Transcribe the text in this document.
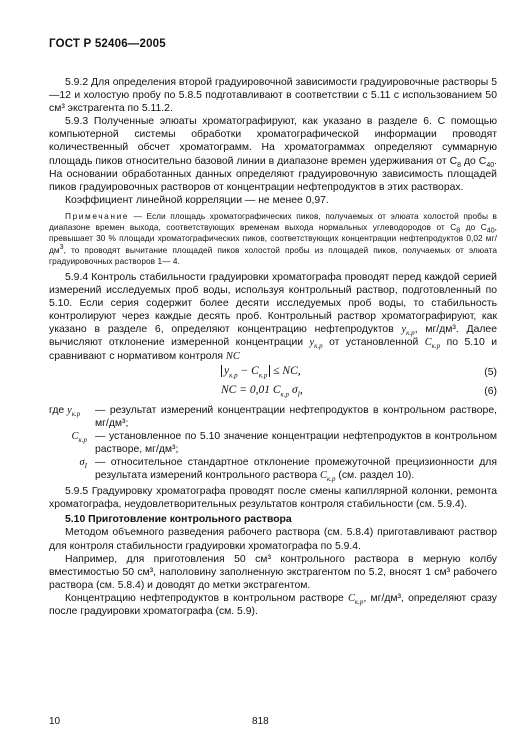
ГОСТ Р 52406—2005

5.9.2 Для определения второй градуировочной зависимости градуировочные растворы 5—12 и холостую пробу по 5.8.5 подготавливают в соответствии с 5.11 с использованием 50 см³ экстрагента по 5.11.2.

5.9.3 Полученные элюаты хроматографируют, как указано в разделе 6. С помощью компьютерной системы обработки хроматографической информации проводят количественный обсчет хроматограмм. На хроматограммах определяют суммарную площадь пиков относительно базовой линии в диапазоне времен удерживания от $C_8$ до $C_{40}$. На основании обработанных данных определяют градуировочную зависимость площадей пиков градуировочных растворов от концентрации нефтепродуктов в этих растворах.

Коэффициент линейной корреляции — не менее 0,97.

Примечание — Если площадь хроматографических пиков, получаемых от элюата холостой пробы в диапазоне времен выхода, соответствующих временам выхода нормальных углеводородов от $C_8$ до $C_{40}$, превышает 30 % площади хроматографических пиков, соответствующих концентрации нефтепродуктов 0,02 $мг/дм^3$, то проводят вычитание площадей пиков холостой пробы из площадей пиков, получаемых от элюата градуировочных растворов 1— 4.

5.9.4 Контроль стабильности градуировки хроматографа проводят перед каждой серией измерений исследуемых проб воды, используя контрольный раствор, подготовленный по 5.10. Если серия содержит более десяти исследуемых проб воды, то стабильность контролируют через каждые десять проб. Контрольный раствор хроматографируют, как указано в разделе 6, определяют концентрацию нефтепродуктов $y_{к.р}$, мг/дм³. Далее вычисляют отклонение измеренной концентрации $y_{к.р}$ от установленной $C_{к.р}$ по 5.10 и сравнивают с нормативом контроля NC

$y_{к.р} - C_{к.р}$ ≤ NC,	(5)
NC = 0,01 $C_{к.р}$ $\sigma_I$,	(6)
где $y_{к.р}$	— результат измерений концентрации нефтепродуктов в контрольном растворе, мг/дм³;
$C_{к.р}$ — установленное по 5.10 значение концентрации нефтепродуктов в контрольном растворе, мг/дм³;
$\sigma_I$ — относительное стандартное отклонение промежуточной прецизионности для результата измерений контрольного раствора $C_{к.р}$ (см. раздел 10).

5.9.5 Градуировку хроматографа проводят после смены капиллярной колонки, ремонта хроматографа, неудовлетворительных результатов контроля стабильности (см. 5.9.4).

5.10 Приготовление контрольного раствора

Методом объемного разведения рабочего раствора (см. 5.8.4) приготавливают раствор для контроля стабильности градуировки хроматографа по 5.9.4.

Например, для приготовления 50 см³ контрольного раствора в мерную колбу вместимостью 50 см³, наполовину заполненную экстрагентом по 5.2, вносят 1 см³ рабочего раствора (см. 5.8.4) и доводят до метки экстрагентом.

Концентрацию нефтепродуктов в контрольном растворе $C_{к.р}$, мг/дм³, определяют сразу после градуировки хроматографа (см. 5.9).

10	818
